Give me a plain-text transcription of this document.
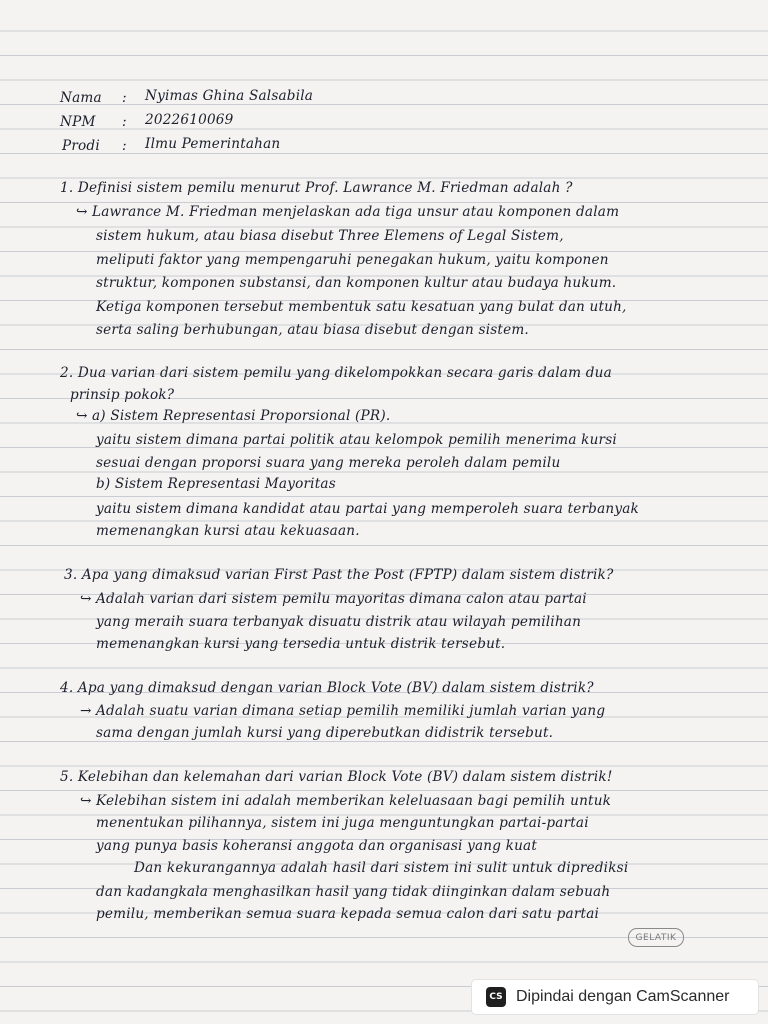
Nama : Nyimas Ghina Salsabila
NPM : 2022610069
Prodi : Ilmu Pemerintahan
1. Definisi sistem pemilu menurut Prof. Lawrance M. Friedman adalah ?
↪ Lawrance M. Friedman menjelaskan ada tiga unsur atau komponen dalam
sistem hukum, atau biasa disebut Three Elemens of Legal Sistem,
meliputi faktor yang mempengaruhi penegakan hukum, yaitu komponen
struktur, komponen substansi, dan komponen kultur atau budaya hukum.
Ketiga komponen tersebut membentuk satu kesatuan yang bulat dan utuh,
serta saling berhubungan, atau biasa disebut dengan sistem.
2. Dua varian dari sistem pemilu yang dikelompokkan secara garis dalam dua
prinsip pokok?
↪ a) Sistem Representasi Proporsional (PR).
yaitu sistem dimana partai politik atau kelompok pemilih menerima kursi
sesuai dengan proporsi suara yang mereka peroleh dalam pemilu
b) Sistem Representasi Mayoritas
yaitu sistem dimana kandidat atau partai yang memperoleh suara terbanyak
memenangkan kursi atau kekuasaan.
3. Apa yang dimaksud varian First Past the Post (FPTP) dalam sistem distrik?
↪ Adalah varian dari sistem pemilu mayoritas dimana calon atau partai
yang meraih suara terbanyak disuatu distrik atau wilayah pemilihan
memenangkan kursi yang tersedia untuk distrik tersebut.
4. Apa yang dimaksud dengan varian Block Vote (BV) dalam sistem distrik?
→ Adalah suatu varian dimana setiap pemilih memiliki jumlah varian yang
sama dengan jumlah kursi yang diperebutkan didistrik tersebut.
5. Kelebihan dan kelemahan dari varian Block Vote (BV) dalam sistem distrik!
↪ Kelebihan sistem ini adalah memberikan keleluasaan bagi pemilih untuk
menentukan pilihannya, sistem ini juga menguntungkan partai-partai
yang punya basis koheransi anggota dan organisasi yang kuat
Dan kekurangannya adalah hasil dari sistem ini sulit untuk diprediksi
dan kadangkala menghasilkan hasil yang tidak diinginkan dalam sebuah
pemilu, memberikan semua suara kepada semua calon dari satu partai
GELATIK
CS Dipindai dengan CamScanner
